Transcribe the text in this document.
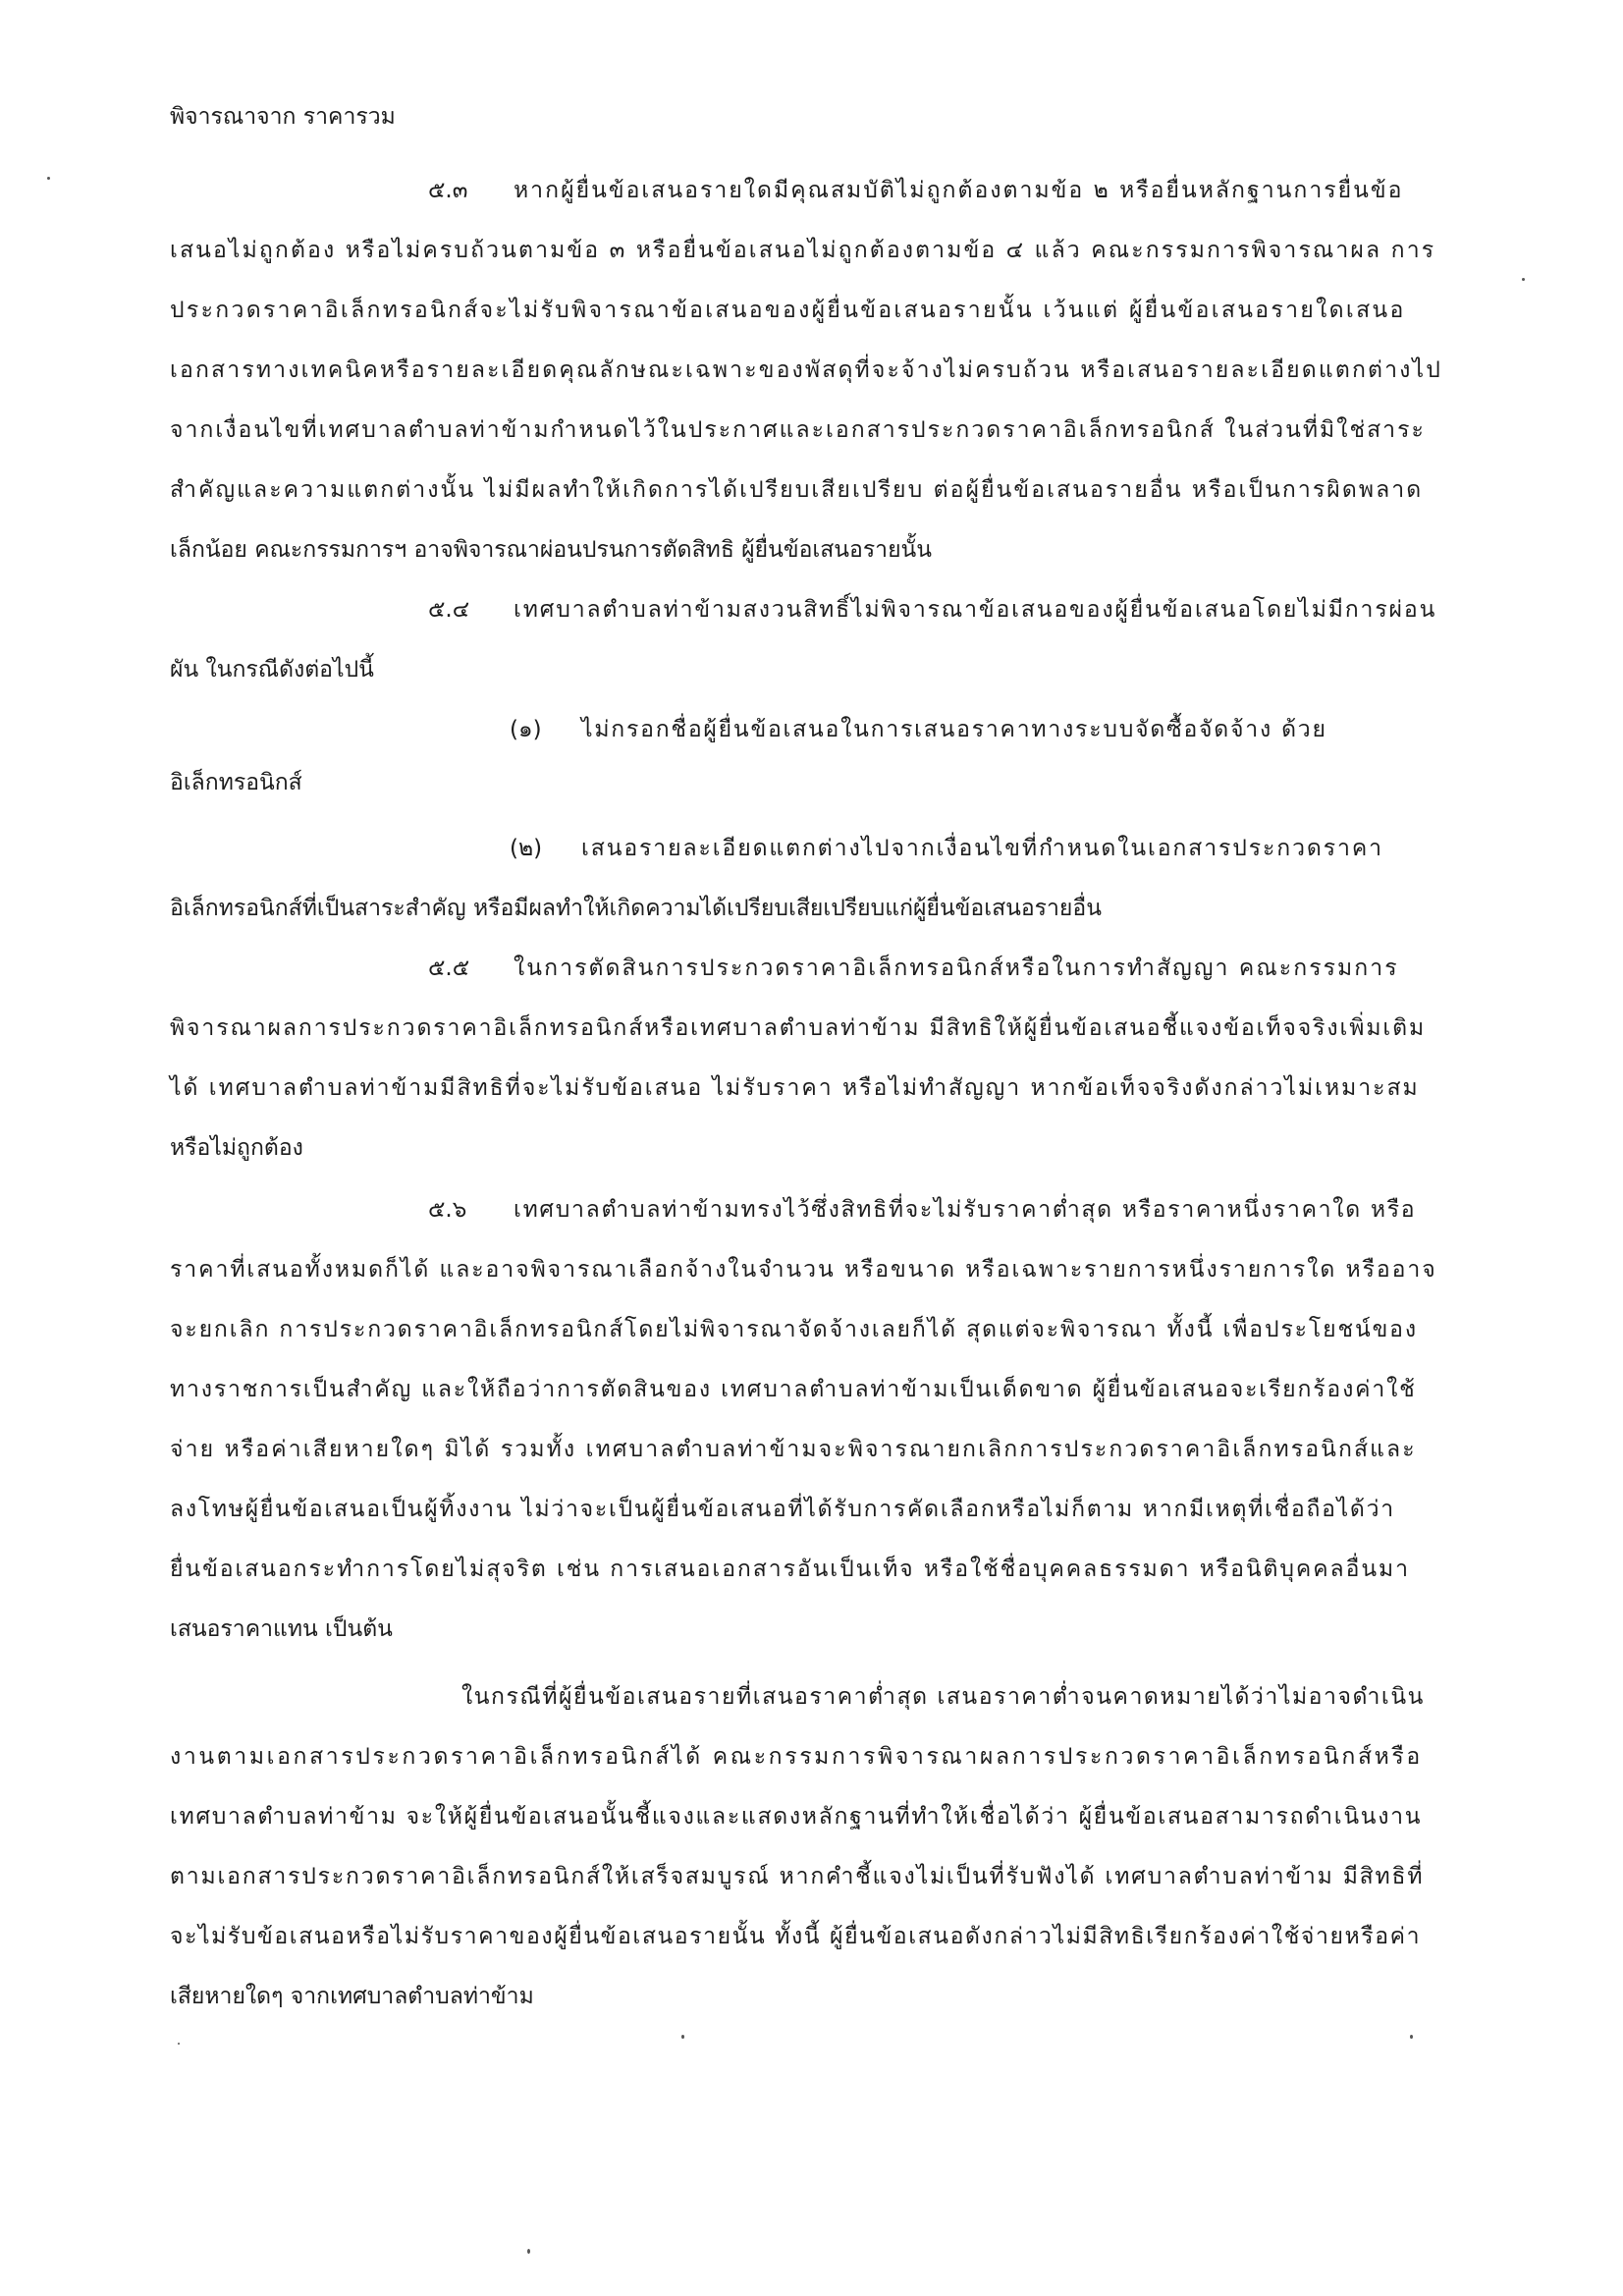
พิจารณาจาก ราคารวม
๕.๓ หากผู้ยื่นข้อเสนอรายใดมีคุณสมบัติไม่ถูกต้องตามข้อ ๒ หรือยื่นหลักฐานการยื่นข้อ
เสนอไม่ถูกต้อง หรือไม่ครบถ้วนตามข้อ ๓ หรือยื่นข้อเสนอไม่ถูกต้องตามข้อ ๔ แล้ว คณะกรรมการพิจารณาผล การ
ประกวดราคาอิเล็กทรอนิกส์จะไม่รับพิจารณาข้อเสนอของผู้ยื่นข้อเสนอรายนั้น เว้นแต่ ผู้ยื่นข้อเสนอรายใดเสนอ
เอกสารทางเทคนิคหรือรายละเอียดคุณลักษณะเฉพาะของพัสดุที่จะจ้างไม่ครบถ้วน หรือเสนอรายละเอียดแตกต่างไป
จากเงื่อนไขที่เทศบาลตำบลท่าข้ามกำหนดไว้ในประกาศและเอกสารประกวดราคาอิเล็กทรอนิกส์ ในส่วนที่มิใช่สาระ
สำคัญและความแตกต่างนั้น ไม่มีผลทำให้เกิดการได้เปรียบเสียเปรียบ ต่อผู้ยื่นข้อเสนอรายอื่น หรือเป็นการผิดพลาด
เล็กน้อย คณะกรรมการฯ อาจพิจารณาผ่อนปรนการตัดสิทธิ ผู้ยื่นข้อเสนอรายนั้น
๕.๔ เทศบาลตำบลท่าข้ามสงวนสิทธิ์ไม่พิจารณาข้อเสนอของผู้ยื่นข้อเสนอโดยไม่มีการผ่อน
ผัน ในกรณีดังต่อไปนี้
(๑) ไม่กรอกชื่อผู้ยื่นข้อเสนอในการเสนอราคาทางระบบจัดซื้อจัดจ้าง ด้วย
อิเล็กทรอนิกส์
(๒) เสนอรายละเอียดแตกต่างไปจากเงื่อนไขที่กำหนดในเอกสารประกวดราคา
อิเล็กทรอนิกส์ที่เป็นสาระสำคัญ หรือมีผลทำให้เกิดความได้เปรียบเสียเปรียบแก่ผู้ยื่นข้อเสนอรายอื่น
๕.๕ ในการตัดสินการประกวดราคาอิเล็กทรอนิกส์หรือในการทำสัญญา คณะกรรมการ
พิจารณาผลการประกวดราคาอิเล็กทรอนิกส์หรือเทศบาลตำบลท่าข้าม มีสิทธิให้ผู้ยื่นข้อเสนอชี้แจงข้อเท็จจริงเพิ่มเติม
ได้ เทศบาลตำบลท่าข้ามมีสิทธิที่จะไม่รับข้อเสนอ ไม่รับราคา หรือไม่ทำสัญญา หากข้อเท็จจริงดังกล่าวไม่เหมาะสม
หรือไม่ถูกต้อง
๕.๖ เทศบาลตำบลท่าข้ามทรงไว้ซึ่งสิทธิที่จะไม่รับราคาต่ำสุด หรือราคาหนึ่งราคาใด หรือ
ราคาที่เสนอทั้งหมดก็ได้ และอาจพิจารณาเลือกจ้างในจำนวน หรือขนาด หรือเฉพาะรายการหนึ่งรายการใด หรืออาจ
จะยกเลิก การประกวดราคาอิเล็กทรอนิกส์โดยไม่พิจารณาจัดจ้างเลยก็ได้ สุดแต่จะพิจารณา ทั้งนี้ เพื่อประโยชน์ของ
ทางราชการเป็นสำคัญ และให้ถือว่าการตัดสินของ เทศบาลตำบลท่าข้ามเป็นเด็ดขาด ผู้ยื่นข้อเสนอจะเรียกร้องค่าใช้
จ่าย หรือค่าเสียหายใดๆ มิได้ รวมทั้ง เทศบาลตำบลท่าข้ามจะพิจารณายกเลิกการประกวดราคาอิเล็กทรอนิกส์และ
ลงโทษผู้ยื่นข้อเสนอเป็นผู้ทิ้งงาน ไม่ว่าจะเป็นผู้ยื่นข้อเสนอที่ได้รับการคัดเลือกหรือไม่ก็ตาม หากมีเหตุที่เชื่อถือได้ว่า
ยื่นข้อเสนอกระทำการโดยไม่สุจริต เช่น การเสนอเอกสารอันเป็นเท็จ หรือใช้ชื่อบุคคลธรรมดา หรือนิติบุคคลอื่นมา
เสนอราคาแทน เป็นต้น
ในกรณีที่ผู้ยื่นข้อเสนอรายที่เสนอราคาต่ำสุด เสนอราคาต่ำจนคาดหมายได้ว่าไม่อาจดำเนิน
งานตามเอกสารประกวดราคาอิเล็กทรอนิกส์ได้ คณะกรรมการพิจารณาผลการประกวดราคาอิเล็กทรอนิกส์หรือ
เทศบาลตำบลท่าข้าม จะให้ผู้ยื่นข้อเสนอนั้นชี้แจงและแสดงหลักฐานที่ทำให้เชื่อได้ว่า ผู้ยื่นข้อเสนอสามารถดำเนินงาน
ตามเอกสารประกวดราคาอิเล็กทรอนิกส์ให้เสร็จสมบูรณ์ หากคำชี้แจงไม่เป็นที่รับฟังได้ เทศบาลตำบลท่าข้าม มีสิทธิที่
จะไม่รับข้อเสนอหรือไม่รับราคาของผู้ยื่นข้อเสนอรายนั้น ทั้งนี้ ผู้ยื่นข้อเสนอดังกล่าวไม่มีสิทธิเรียกร้องค่าใช้จ่ายหรือค่า
เสียหายใดๆ จากเทศบาลตำบลท่าข้าม
